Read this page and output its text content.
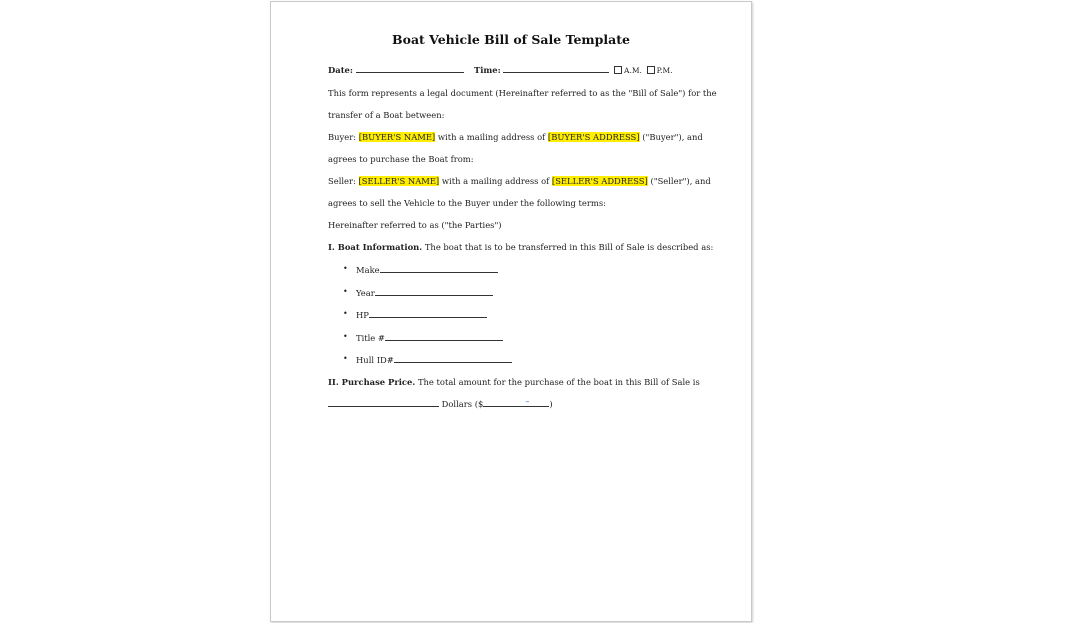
Boat Vehicle Bill of Sale Template
Date:	Time:	A.M. P.M.
This form represents a legal document (Hereinafter referred to as the "Bill of Sale") for the
transfer of a Boat between:
Buyer: [BUYER'S NAME] with a mailing address of [BUYER'S ADDRESS] ("Buyer"), and
agrees to purchase the Boat from:
Seller: [SELLER'S NAME] with a mailing address of [SELLER'S ADDRESS] ("Seller"), and
agrees to sell the Vehicle to the Buyer under the following terms:
Hereinafter referred to as ("the Parties")
I. Boat Information. The boat that is to be transferred in this Bill of Sale is described as:
• Make
• Year
• HP
• Title #
• Hull ID#
II. Purchase Price. The total amount for the purchase of the boat in this Bill of Sale is
Dollars ($	– )
